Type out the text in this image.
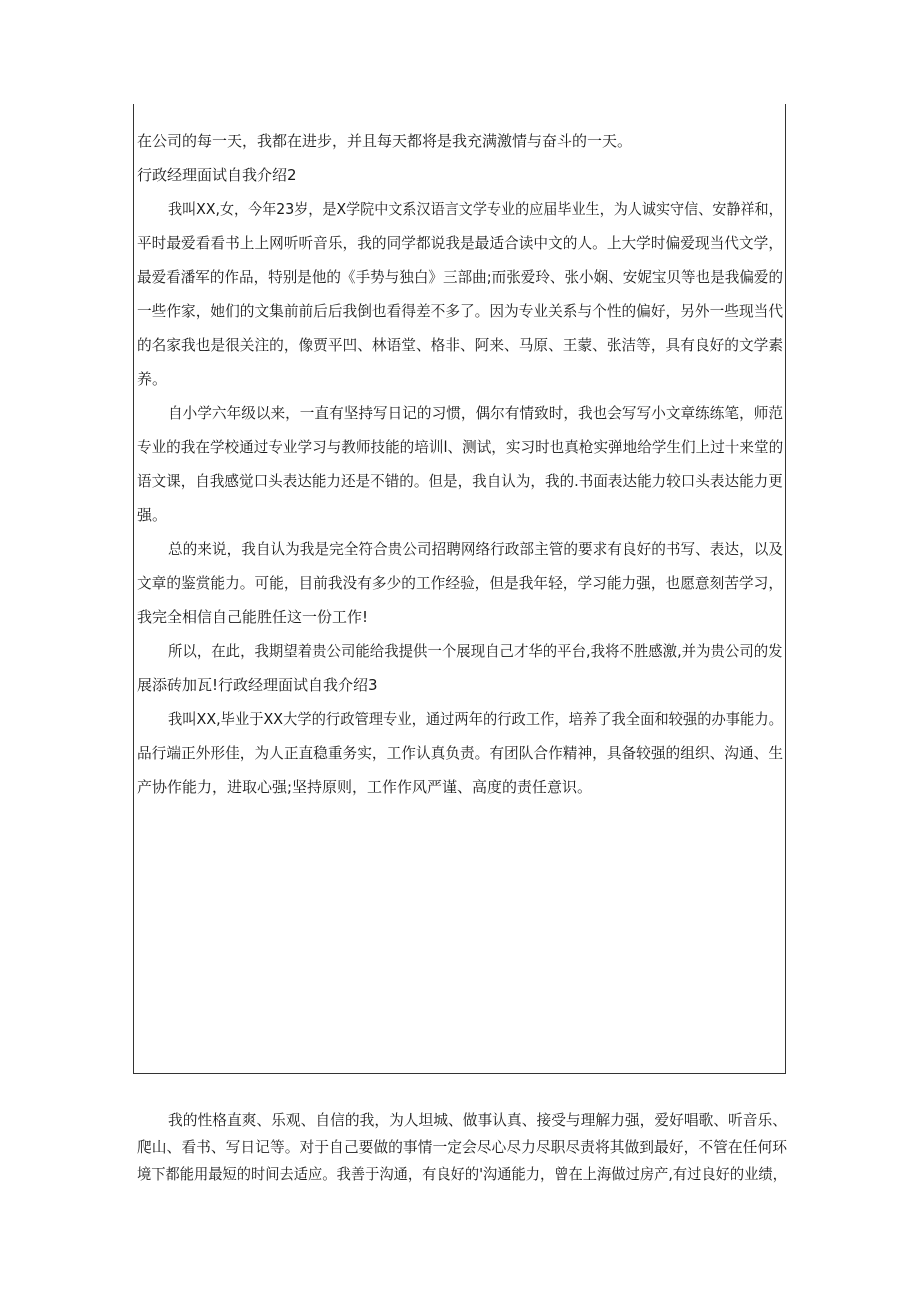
在公司的每一天，我都在进步，并且每天都将是我充满激情与奋斗的一天。
行政经理面试自我介绍2
我叫XX,女，今年23岁，是X学院中文系汉语言文学专业的应届毕业生，为人诚实守信、安静祥和，
平时最爱看看书上上网听听音乐，我的同学都说我是最适合读中文的人。上大学时偏爱现当代文学，
最爱看潘军的作品，特别是他的《手势与独白》三部曲;而张爱玲、张小娴、安妮宝贝等也是我偏爱的
一些作家，她们的文集前前后后我倒也看得差不多了。因为专业关系与个性的偏好，另外一些现当代
的名家我也是很关注的，像贾平凹、林语堂、格非、阿来、马原、王蒙、张洁等，具有良好的文学素
养。
自小学六年级以来，一直有坚持写日记的习惯，偶尔有情致时，我也会写写小文章练练笔，师范
专业的我在学校通过专业学习与教师技能的培训l、测试，实习时也真枪实弹地给学生们上过十来堂的
语文课，自我感觉口头表达能力还是不错的。但是，我自认为，我的.书面表达能力较口头表达能力更
强。
总的来说，我自认为我是完全符合贵公司招聘网络行政部主管的要求有良好的书写、表达，以及
文章的鉴赏能力。可能，目前我没有多少的工作经验，但是我年轻，学习能力强，也愿意刻苦学习，
我完全相信自己能胜任这一份工作!
所以，在此，我期望着贵公司能给我提供一个展现自己才华的平台,我将不胜感激,并为贵公司的发
展添砖加瓦!行政经理面试自我介绍3
我叫XX,毕业于XX大学的行政管理专业，通过两年的行政工作，培养了我全面和较强的办事能力。
品行端正外形佳，为人正直稳重务实，工作认真负责。有团队合作精神，具备较强的组织、沟通、生
产协作能力，进取心强;坚持原则，工作作风严谨、高度的责任意识。
我的性格直爽、乐观、自信的我，为人坦城、做事认真、接受与理解力强，爱好唱歌、听音乐、
爬山、看书、写日记等。对于自己要做的事情一定会尽心尽力尽职尽责将其做到最好，不管在任何环
境下都能用最短的时间去适应。我善于沟通，有良好的'沟通能力，曾在上海做过房产,有过良好的业绩，
